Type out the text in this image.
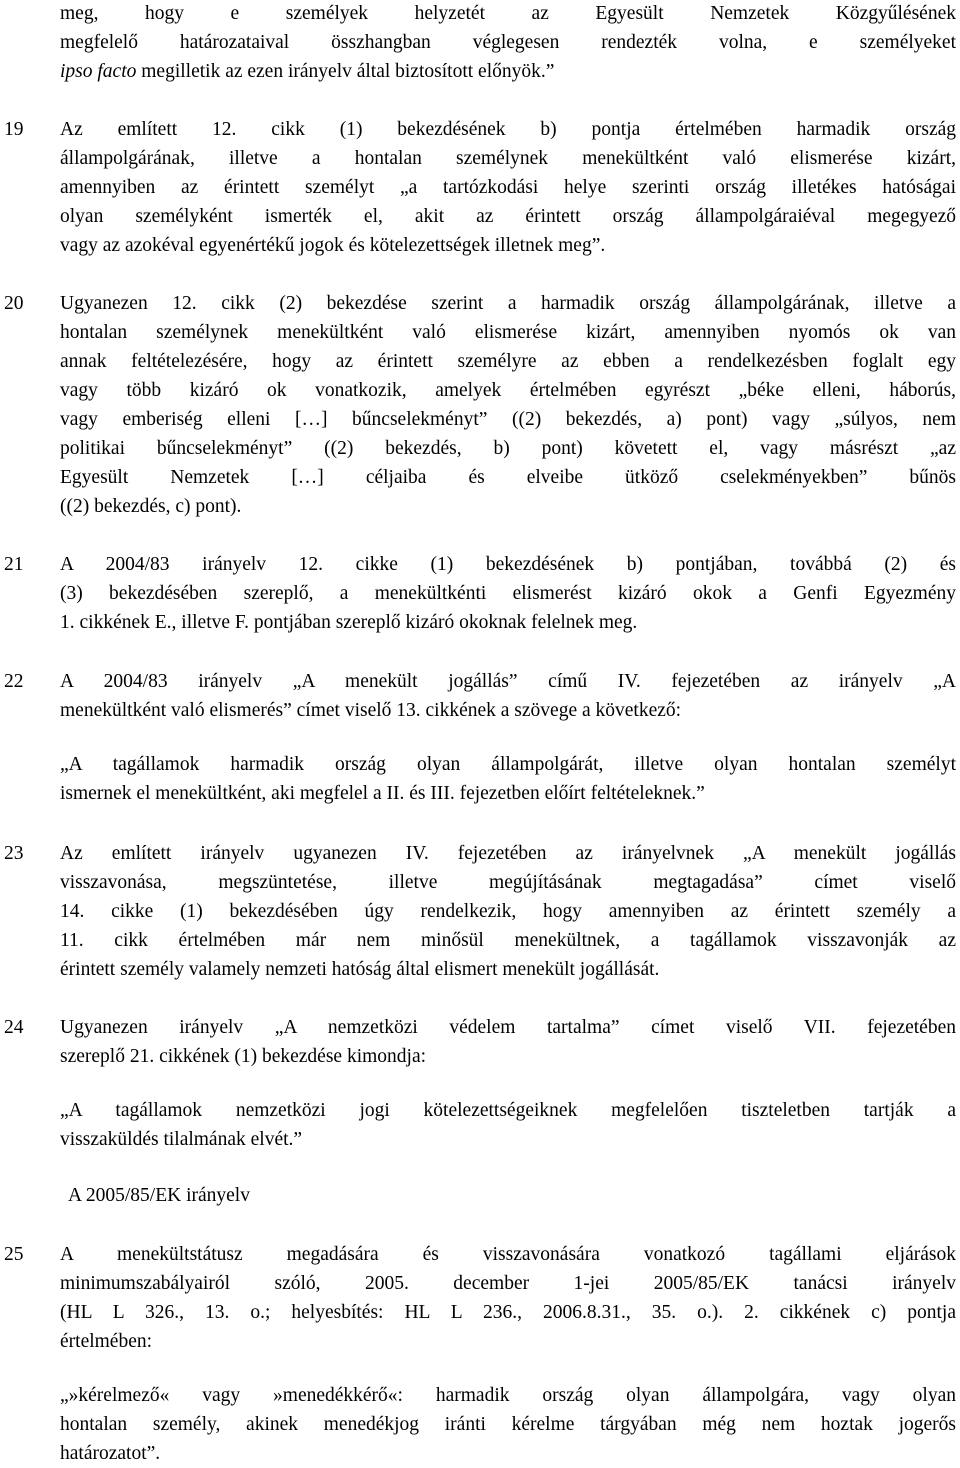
meg, hogy e személyek helyzetét az Egyesült Nemzetek Közgyűlésének
megfelelő határozataival összhangban véglegesen rendezték volna, e személyeket
ipso facto megilletik az ezen irányelv által biztosított előnyök.”
19	Az említett 12. cikk (1) bekezdésének b) pontja értelmében harmadik ország
állampolgárának, illetve a hontalan személynek menekültként való elismerése kizárt,
amennyiben az érintett személyt „a tartózkodási helye szerinti ország illetékes hatóságai
olyan személyként ismerték el, akit az érintett ország állampolgáraiéval megegyező
vagy az azokéval egyenértékű jogok és kötelezettségek illetnek meg”.
20	Ugyanezen 12. cikk (2) bekezdése szerint a harmadik ország állampolgárának, illetve a
hontalan személynek menekültként való elismerése kizárt, amennyiben nyomós ok van
annak feltételezésére, hogy az érintett személyre az ebben a rendelkezésben foglalt egy
vagy több kizáró ok vonatkozik, amelyek értelmében egyrészt „béke elleni, háborús,
vagy emberiség elleni […] bűncselekményt” ((2) bekezdés, a) pont) vagy „súlyos, nem
politikai bűncselekményt” ((2) bekezdés, b) pont) követett el, vagy másrészt „az
Egyesült Nemzetek […] céljaiba és elveibe ütköző cselekményekben” bűnös
((2) bekezdés, c) pont).
21	A 2004/83 irányelv 12. cikke (1) bekezdésének b) pontjában, továbbá (2) és
(3) bekezdésében szereplő, a menekültkénti elismerést kizáró okok a Genfi Egyezmény
1. cikkének E., illetve F. pontjában szereplő kizáró okoknak felelnek meg.
22	A 2004/83 irányelv „A menekült jogállás” című IV. fejezetében az irányelv „A
menekültként való elismerés” címet viselő 13. cikkének a szövege a következő:
„A tagállamok harmadik ország olyan állampolgárát, illetve olyan hontalan személyt
ismernek el menekültként, aki megfelel a II. és III. fejezetben előírt feltételeknek.”
23	Az említett irányelv ugyanezen IV. fejezetében az irányelvnek „A menekült jogállás
visszavonása, megszüntetése, illetve megújításának megtagadása” címet viselő
14. cikke (1) bekezdésében úgy rendelkezik, hogy amennyiben az érintett személy a
11. cikk értelmében már nem minősül menekültnek, a tagállamok visszavonják az
érintett személy valamely nemzeti hatóság által elismert menekült jogállását.
24	Ugyanezen irányelv „A nemzetközi védelem tartalma” címet viselő VII. fejezetében
szereplő 21. cikkének (1) bekezdése kimondja:
„A tagállamok nemzetközi jogi kötelezettségeiknek megfelelően tiszteletben tartják a
visszaküldés tilalmának elvét.”
A 2005/85/EK irányelv
25	A menekültstátusz megadására és visszavonására vonatkozó tagállami eljárások
minimumszabályairól szóló, 2005. december 1-jei 2005/85/EK tanácsi irányelv
(HL L 326., 13. o.; helyesbítés: HL L 236., 2006.8.31., 35. o.). 2. cikkének c) pontja
értelmében:
„»kérelmező« vagy »menedékkérő«: harmadik ország olyan állampolgára, vagy olyan
hontalan személy, akinek menedékjog iránti kérelme tárgyában még nem hoztak jogerős
határozatot”.
